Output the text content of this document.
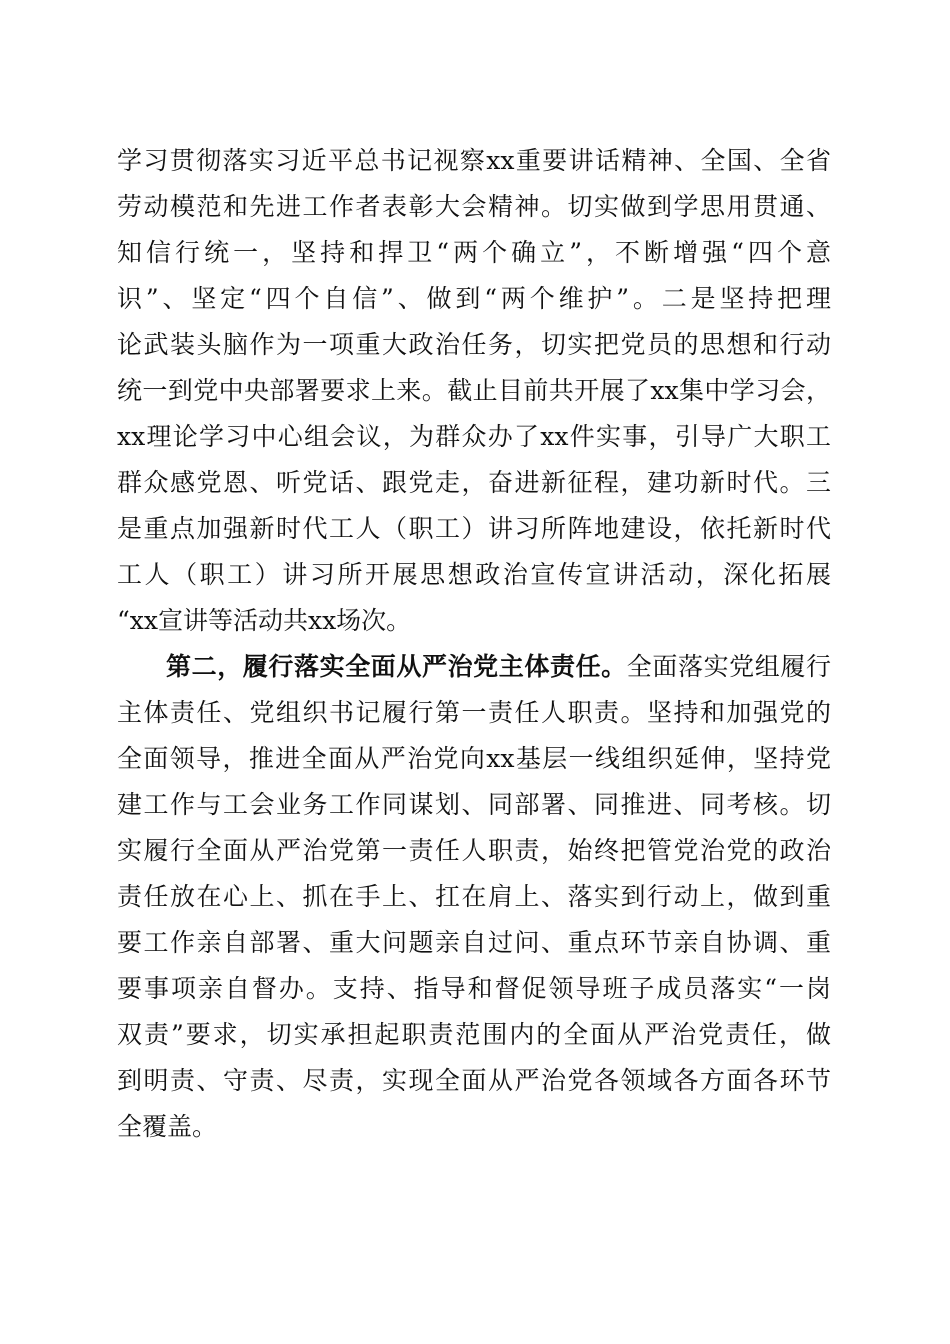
学习贯彻落实习近平总书记视察xx重要讲话精神、全国、全省
劳动模范和先进工作者表彰大会精神。切实做到学思用贯通、
知信行统一，坚持和捍卫“两个确立”，不断增强“四个意
识”、坚定“四个自信”、做到“两个维护”。二是坚持把理
论武装头脑作为一项重大政治任务，切实把党员的思想和行动
统一到党中央部署要求上来。截止目前共开展了xx集中学习会，
xx理论学习中心组会议，为群众办了xx件实事，引导广大职工
群众感党恩、听党话、跟党走，奋进新征程，建功新时代。三
是重点加强新时代工人（职工）讲习所阵地建设，依托新时代
工人（职工）讲习所开展思想政治宣传宣讲活动，深化拓展
“xx宣讲等活动共xx场次。
第二，履行落实全面从严治党主体责任。全面落实党组履行
主体责任、党组织书记履行第一责任人职责。坚持和加强党的
全面领导，推进全面从严治党向xx基层一线组织延伸，坚持党
建工作与工会业务工作同谋划、同部署、同推进、同考核。切
实履行全面从严治党第一责任人职责，始终把管党治党的政治
责任放在心上、抓在手上、扛在肩上、落实到行动上，做到重
要工作亲自部署、重大问题亲自过问、重点环节亲自协调、重
要事项亲自督办。支持、指导和督促领导班子成员落实“一岗
双责”要求，切实承担起职责范围内的全面从严治党责任，做
到明责、守责、尽责，实现全面从严治党各领域各方面各环节
全覆盖。
